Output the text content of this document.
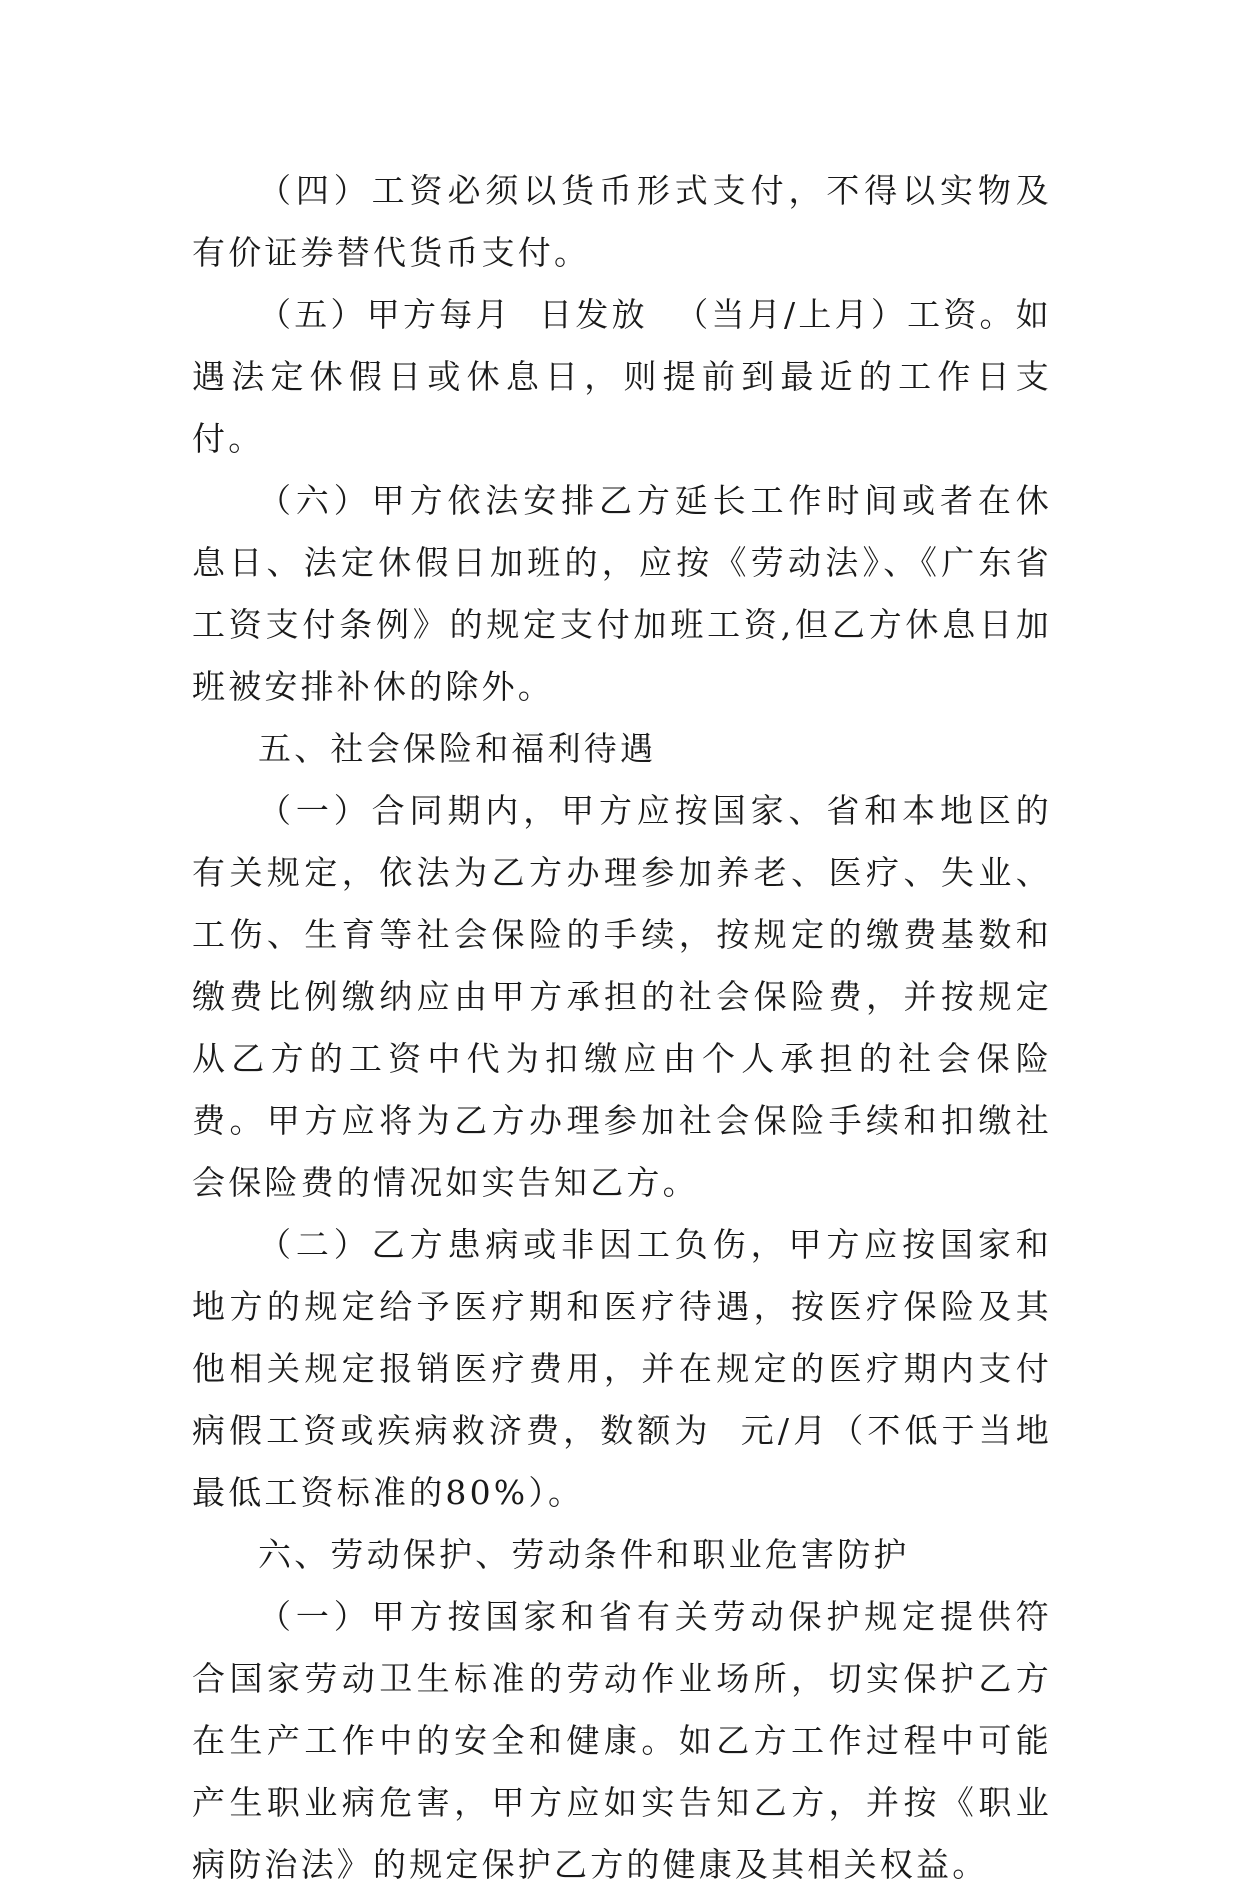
（四）工资必须以货币形式支付，不得以实物及有价证券替代货币支付。

（五）甲方每月  日发放  （当月/上月）工资。如遇法定休假日或休息日，则提前到最近的工作日支付。

（六）甲方依法安排乙方延长工作时间或者在休息日、法定休假日加班的，应按《劳动法》、《广东省工资支付条例》的规定支付加班工资,但乙方休息日加班被安排补休的除外。

五、社会保险和福利待遇

（一）合同期内，甲方应按国家、省和本地区的有关规定，依法为乙方办理参加养老、医疗、失业、工伤、生育等社会保险的手续，按规定的缴费基数和缴费比例缴纳应由甲方承担的社会保险费，并按规定从乙方的工资中代为扣缴应由个人承担的社会保险费。甲方应将为乙方办理参加社会保险手续和扣缴社会保险费的情况如实告知乙方。

（二）乙方患病或非因工负伤，甲方应按国家和地方的规定给予医疗期和医疗待遇，按医疗保险及其他相关规定报销医疗费用，并在规定的医疗期内支付病假工资或疾病救济费，数额为  元/月（不低于当地最低工资标准的80%）。

六、劳动保护、劳动条件和职业危害防护

（一）甲方按国家和省有关劳动保护规定提供符合国家劳动卫生标准的劳动作业场所，切实保护乙方在生产工作中的安全和健康。如乙方工作过程中可能产生职业病危害，甲方应如实告知乙方，并按《职业病防治法》的规定保护乙方的健康及其相关权益。
